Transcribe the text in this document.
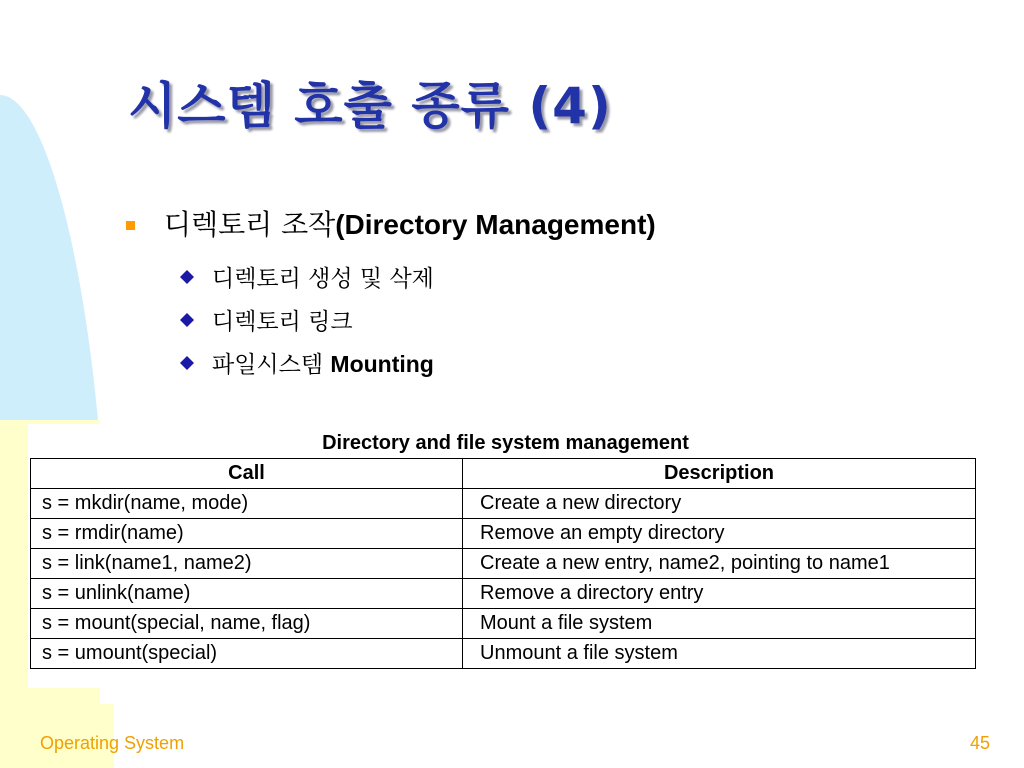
시스템 호출 종류 (4)
디렉토리 조작(Directory Management)
디렉토리 생성 및 삭제
디렉토리 링크
파일시스템 Mounting
Directory and file system management
Call	Description
s = mkdir(name, mode)	Create a new directory
s = rmdir(name)	Remove an empty directory
s = link(name1, name2)	Create a new entry, name2, pointing to name1
s = unlink(name)	Remove a directory entry
s = mount(special, name, flag)	Mount a file system
s = umount(special)	Unmount a file system
Operating System	45
